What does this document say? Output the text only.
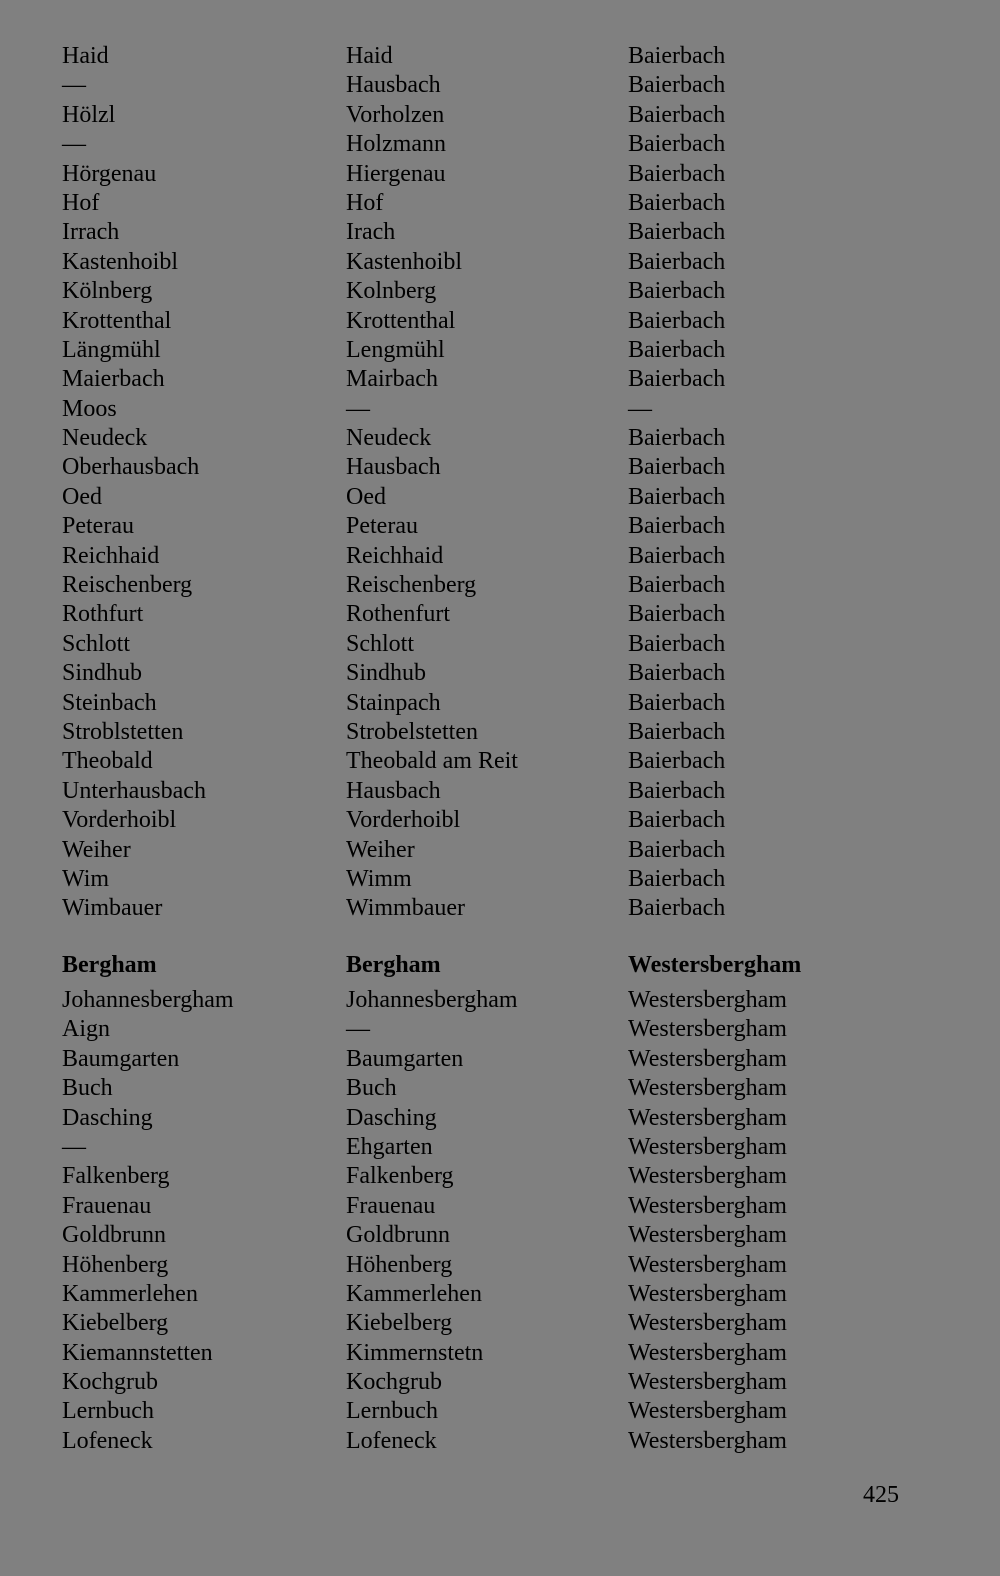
Haid	Haid	Baierbach
—	Hausbach	Baierbach
Hölzl	Vorholzen	Baierbach
—	Holzmann	Baierbach
Hörgenau	Hiergenau	Baierbach
Hof	Hof	Baierbach
Irrach	Irach	Baierbach
Kastenhoibl	Kastenhoibl	Baierbach
Kölnberg	Kolnberg	Baierbach
Krottenthal	Krottenthal	Baierbach
Längmühl	Lengmühl	Baierbach
Maierbach	Mairbach	Baierbach
Moos	—	—
Neudeck	Neudeck	Baierbach
Oberhausbach	Hausbach	Baierbach
Oed	Oed	Baierbach
Peterau	Peterau	Baierbach
Reichhaid	Reichhaid	Baierbach
Reischenberg	Reischenberg	Baierbach
Rothfurt	Rothenfurt	Baierbach
Schlott	Schlott	Baierbach
Sindhub	Sindhub	Baierbach
Steinbach	Stainpach	Baierbach
Stroblstetten	Strobelstetten	Baierbach
Theobald	Theobald am Reit	Baierbach
Unterhausbach	Hausbach	Baierbach
Vorderhoibl	Vorderhoibl	Baierbach
Weiher	Weiher	Baierbach
Wim	Wimm	Baierbach
Wimbauer	Wimmbauer	Baierbach
Bergham	Bergham	Westersbergham
Johannesbergham	Johannesbergham	Westersbergham
Aign	—	Westersbergham
Baumgarten	Baumgarten	Westersbergham
Buch	Buch	Westersbergham
Dasching	Dasching	Westersbergham
—	Ehgarten	Westersbergham
Falkenberg	Falkenberg	Westersbergham
Frauenau	Frauenau	Westersbergham
Goldbrunn	Goldbrunn	Westersbergham
Höhenberg	Höhenberg	Westersbergham
Kammerlehen	Kammerlehen	Westersbergham
Kiebelberg	Kiebelberg	Westersbergham
Kiemannstetten	Kimmernstetn	Westersbergham
Kochgrub	Kochgrub	Westersbergham
Lernbuch	Lernbuch	Westersbergham
Lofeneck	Lofeneck	Westersbergham
425
